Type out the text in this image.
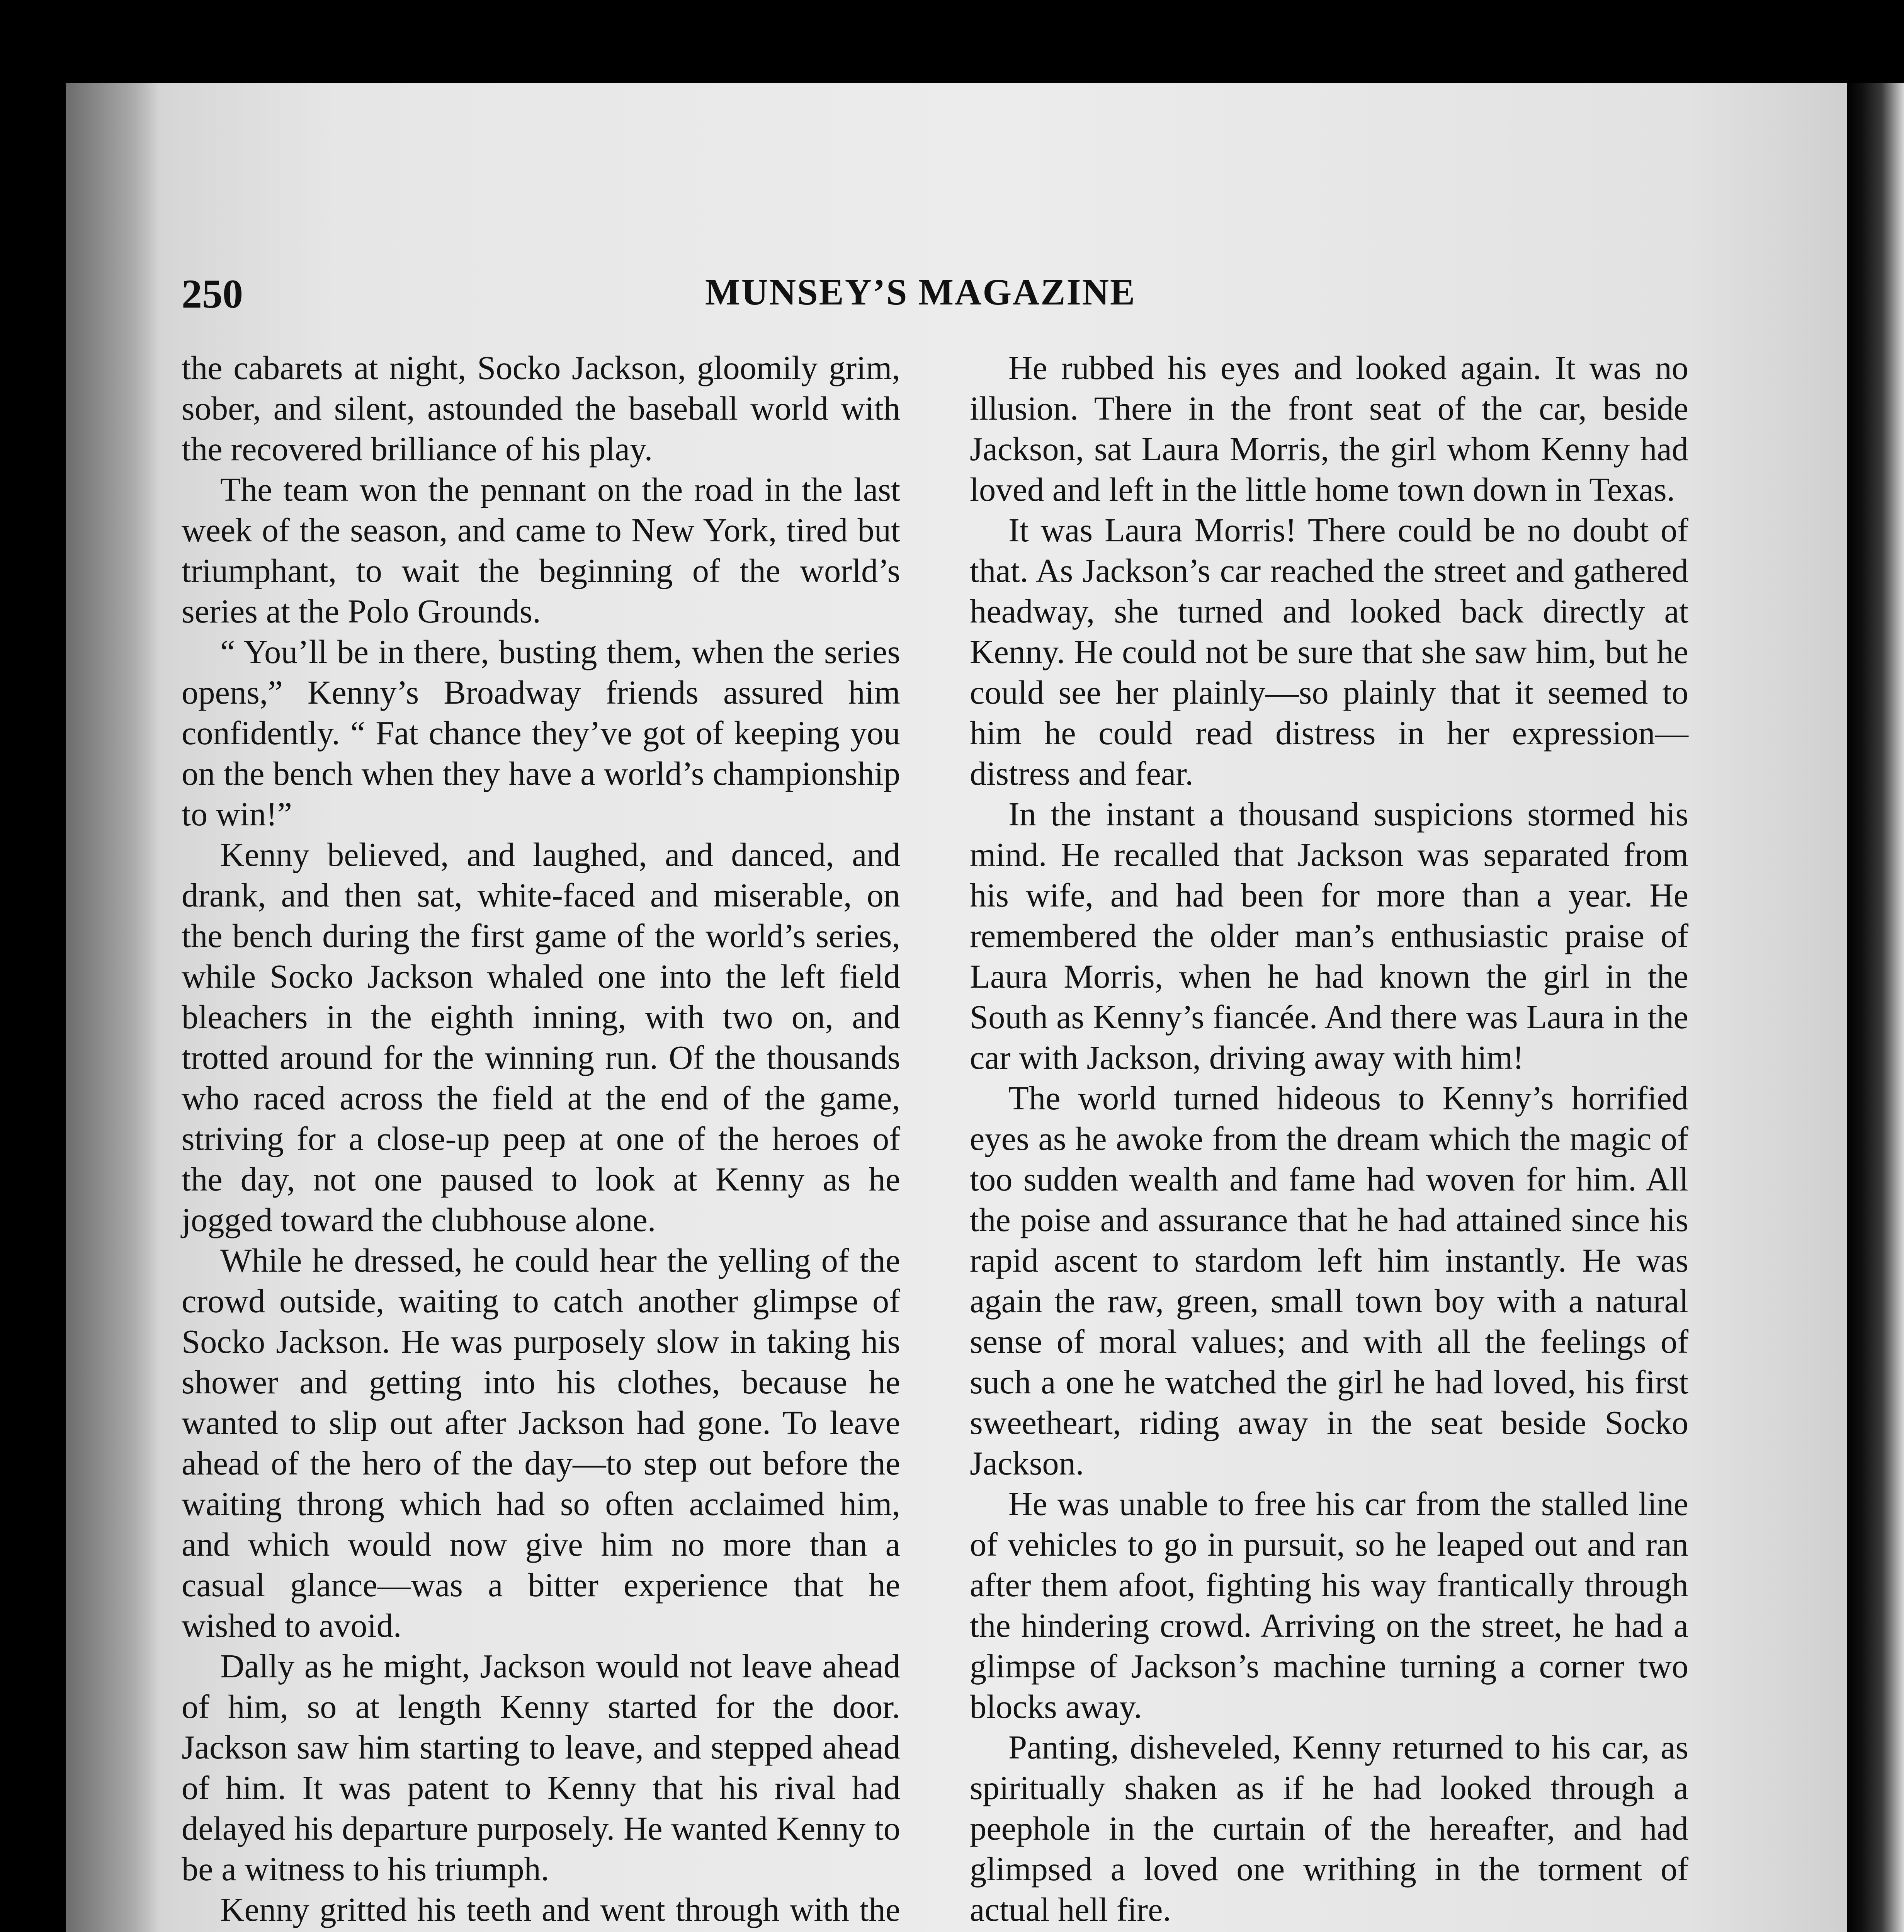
250	MUNSEY’S MAGAZINE

the cabarets at night, Socko Jackson, gloomily grim, sober, and silent, astounded the baseball world with the recovered brilliance of his play.

The team won the pennant on the road in the last week of the season, and came to New York, tired but triumphant, to wait the beginning of the world’s series at the Polo Grounds.

“ You’ll be in there, busting them, when the series opens,” Kenny’s Broadway friends assured him confidently. “ Fat chance they’ve got of keeping you on the bench when they have a world’s championship to win!”

Kenny believed, and laughed, and danced, and drank, and then sat, white-faced and miserable, on the bench during the first game of the world’s series, while Socko Jackson whaled one into the left field bleachers in the eighth inning, with two on, and trotted around for the winning run. Of the thousands who raced across the field at the end of the game, striving for a close-up peep at one of the heroes of the day, not one paused to look at Kenny as he jogged toward the clubhouse alone.

While he dressed, he could hear the yelling of the crowd outside, waiting to catch another glimpse of Socko Jackson. He was purposely slow in taking his shower and getting into his clothes, because he wanted to slip out after Jackson had gone. To leave ahead of the hero of the day—to step out before the waiting throng which had so often acclaimed him, and which would now give him no more than a casual glance—was a bitter experience that he wished to avoid.

Dally as he might, Jackson would not leave ahead of him, so at length Kenny started for the door. Jackson saw him starting to leave, and stepped ahead of him. It was patent to Kenny that his rival had delayed his departure purposely. He wanted Kenny to be a witness to his triumph.

Kenny gritted his teeth and went through with the

He rubbed his eyes and looked again. It was no illusion. There in the front seat of the car, beside Jackson, sat Laura Morris, the girl whom Kenny had loved and left in the little home town down in Texas.

It was Laura Morris! There could be no doubt of that. As Jackson’s car reached the street and gathered headway, she turned and looked back directly at Kenny. He could not be sure that she saw him, but he could see her plainly—so plainly that it seemed to him he could read distress in her expression—distress and fear.

In the instant a thousand suspicions stormed his mind. He recalled that Jackson was separated from his wife, and had been for more than a year. He remembered the older man’s enthusiastic praise of Laura Morris, when he had known the girl in the South as Kenny’s fiancée. And there was Laura in the car with Jackson, driving away with him!

The world turned hideous to Kenny’s horrified eyes as he awoke from the dream which the magic of too sudden wealth and fame had woven for him. All the poise and assurance that he had attained since his rapid ascent to stardom left him instantly. He was again the raw, green, small town boy with a natural sense of moral values; and with all the feelings of such a one he watched the girl he had loved, his first sweetheart, riding away in the seat beside Socko Jackson.

He was unable to free his car from the stalled line of vehicles to go in pursuit, so he leaped out and ran after them afoot, fighting his way frantically through the hindering crowd. Arriving on the street, he had a glimpse of Jackson’s machine turning a corner two blocks away.

Panting, disheveled, Kenny returned to his car, as spiritually shaken as if he had looked through a peephole in the curtain of the hereafter, and had glimpsed a loved one writhing in the torment of actual hell fire.
